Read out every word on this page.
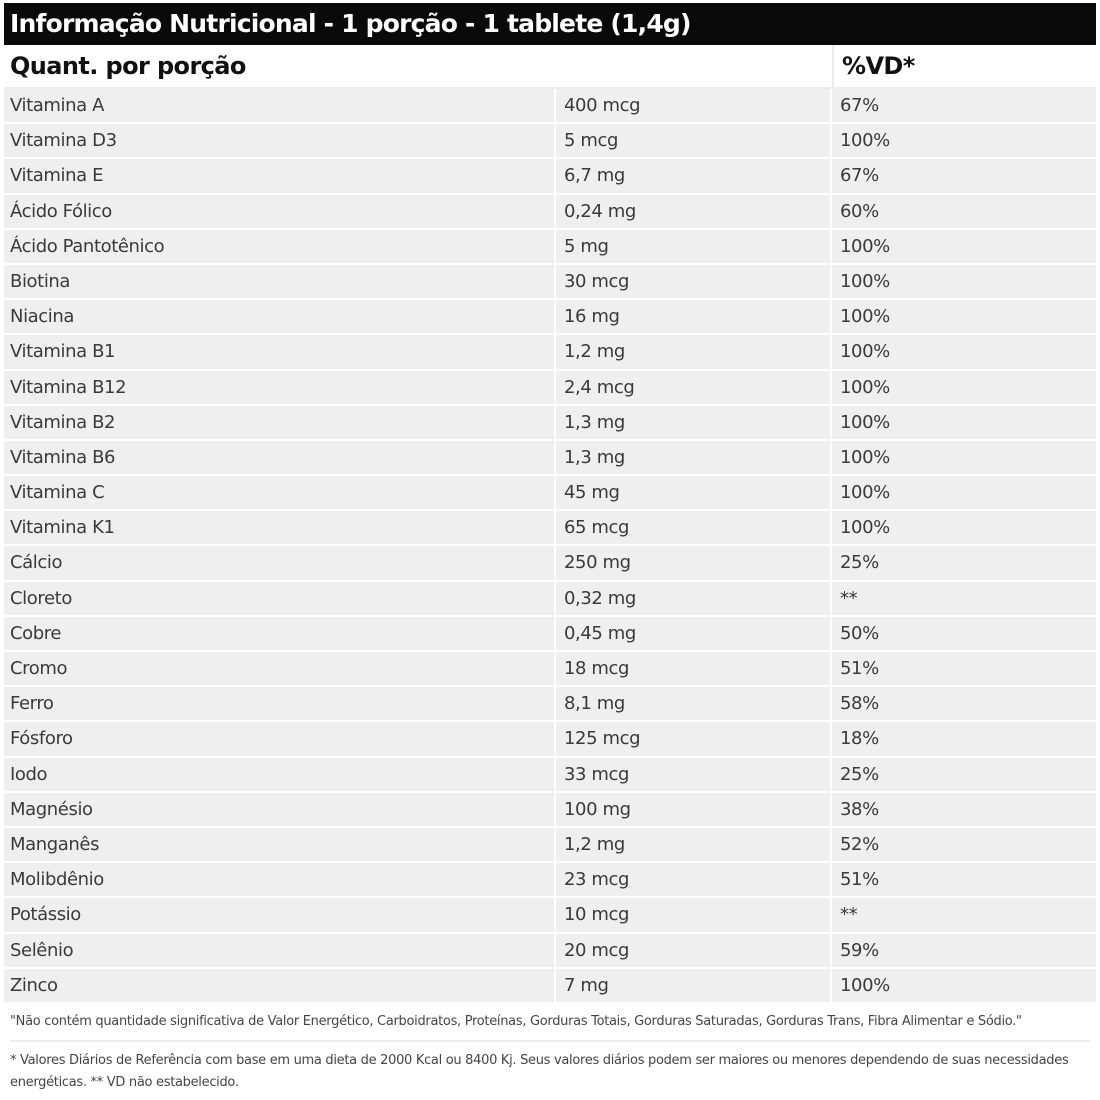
Informação Nutricional - 1 porção - 1 tablete (1,4g)
Quant. por porção	%VD*
Vitamina A	400 mcg	67%
Vitamina D3	5 mcg	100%
Vitamina E	6,7 mg	67%
Ácido Fólico	0,24 mg	60%
Ácido Pantotênico	5 mg	100%
Biotina	30 mcg	100%
Niacina	16 mg	100%
Vitamina B1	1,2 mg	100%
Vitamina B12	2,4 mcg	100%
Vitamina B2	1,3 mg	100%
Vitamina B6	1,3 mg	100%
Vitamina C	45 mg	100%
Vitamina K1	65 mcg	100%
Cálcio	250 mg	25%
Cloreto	0,32 mg	**
Cobre	0,45 mg	50%
Cromo	18 mcg	51%
Ferro	8,1 mg	58%
Fósforo	125 mcg	18%
Iodo	33 mcg	25%
Magnésio	100 mg	38%
Manganês	1,2 mg	52%
Molibdênio	23 mcg	51%
Potássio	10 mcg	**
Selênio	20 mcg	59%
Zinco	7 mg	100%
"Não contém quantidade significativa de Valor Energético, Carboidratos, Proteínas, Gorduras Totais, Gorduras Saturadas, Gorduras Trans, Fibra Alimentar e Sódio."
* Valores Diários de Referência com base em uma dieta de 2000 Kcal ou 8400 Kj. Seus valores diários podem ser maiores ou menores dependendo de suas necessidades energéticas. ** VD não estabelecido.
